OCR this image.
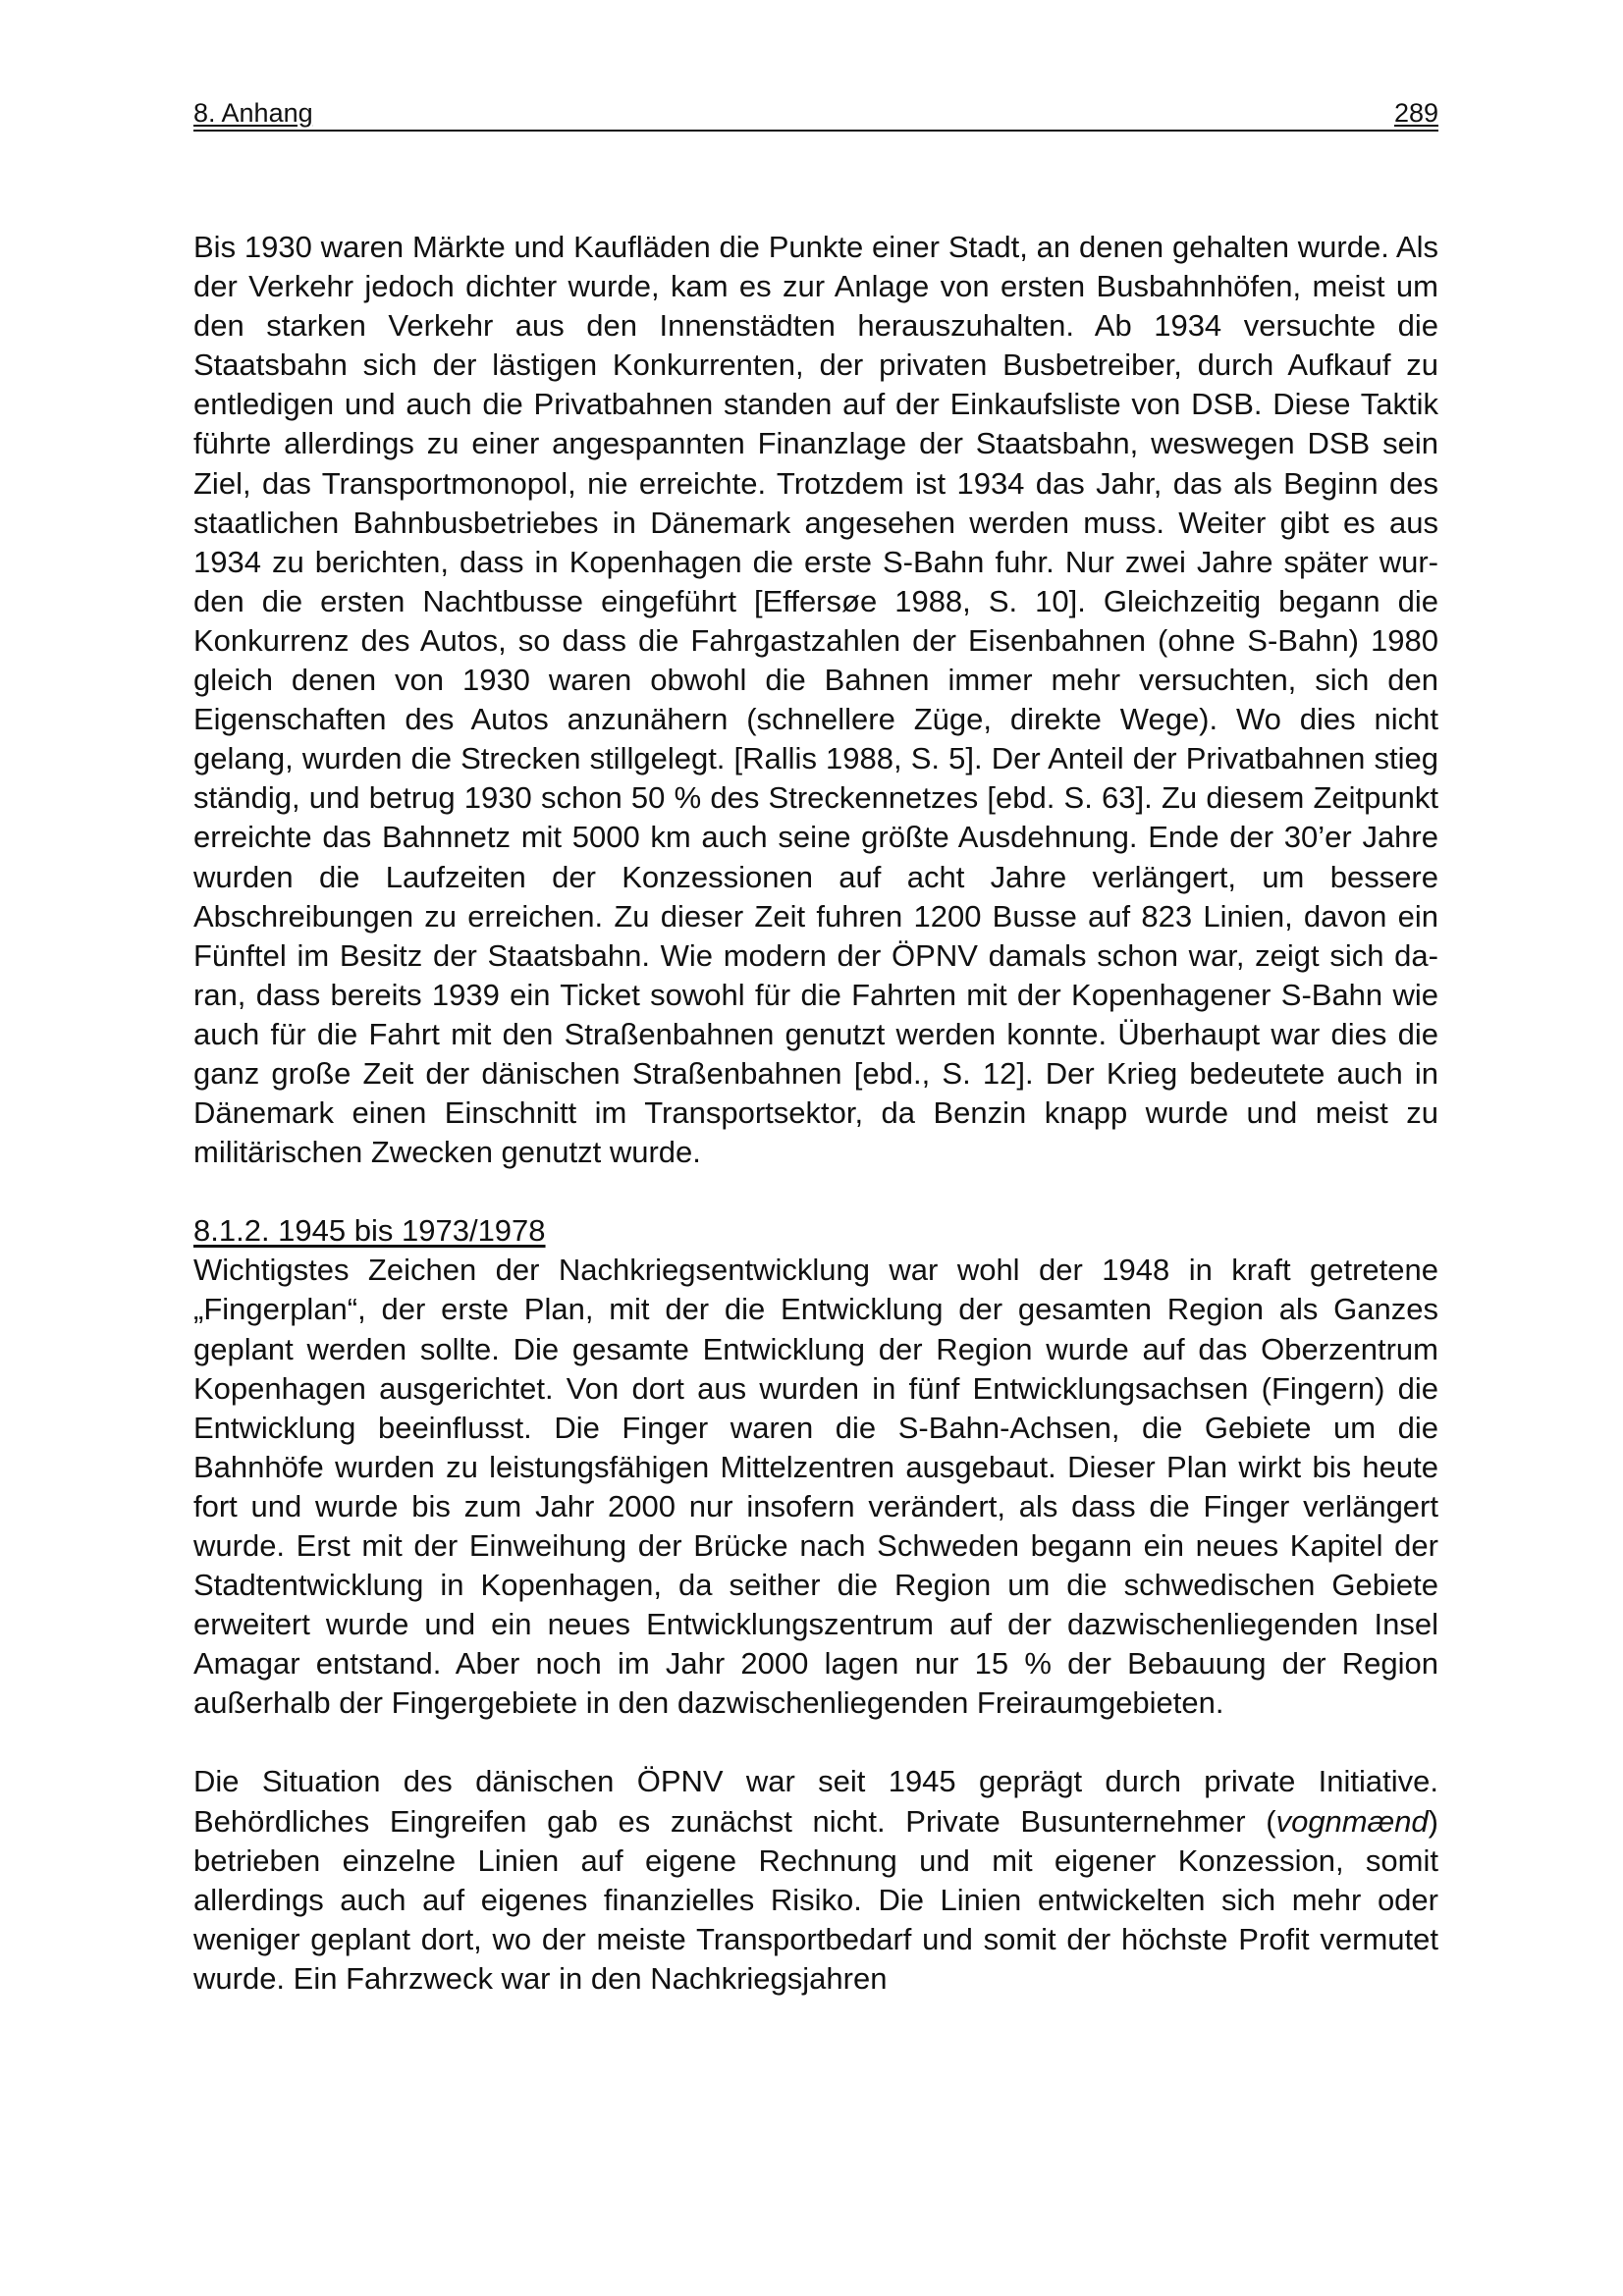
8. Anhang	289

Bis 1930 waren Märkte und Kaufläden die Punkte einer Stadt, an denen gehalten wurde. Als der Verkehr jedoch dichter wurde, kam es zur Anlage von ersten Busbahnhöfen, meist um den starken Verkehr aus den Innenstädten herauszuhalten. Ab 1934 versuchte die Staatsbahn sich der lästigen Konkurrenten, der privaten Busbetreiber, durch Aufkauf zu entledigen und auch die Privatbahnen standen auf der Einkaufsliste von DSB. Diese Taktik führte allerdings zu einer angespannten Finanzlage der Staatsbahn, weswegen DSB sein Ziel, das Transportmonopol, nie erreichte. Trotzdem ist 1934 das Jahr, das als Beginn des staatlichen Bahnbusbetriebes in Dänemark angesehen werden muss. Weiter gibt es aus 1934 zu berichten, dass in Kopenhagen die erste S-Bahn fuhr. Nur zwei Jahre später wurden die ersten Nachtbusse eingeführt [Effersøe 1988, S. 10]. Gleichzeitig begann die Konkurrenz des Autos, so dass die Fahrgastzahlen der Eisenbahnen (ohne S-Bahn) 1980 gleich denen von 1930 waren obwohl die Bahnen immer mehr versuchten, sich den Eigenschaften des Autos anzunähern (schnellere Züge, direkte Wege). Wo dies nicht gelang, wurden die Strecken stillgelegt. [Rallis 1988, S. 5]. Der Anteil der Privatbahnen stieg ständig, und betrug 1930 schon 50 % des Streckennetzes [ebd. S. 63]. Zu diesem Zeitpunkt erreichte das Bahnnetz mit 5000 km auch seine größte Ausdehnung. Ende der 30’er Jahre wurden die Laufzeiten der Konzessionen auf acht Jahre verlängert, um bessere Abschreibungen zu erreichen. Zu dieser Zeit fuhren 1200 Busse auf 823 Linien, davon ein Fünftel im Besitz der Staatsbahn. Wie modern der ÖPNV damals schon war, zeigt sich daran, dass bereits 1939 ein Ticket sowohl für die Fahrten mit der Kopenhagener S-Bahn wie auch für die Fahrt mit den Straßenbahnen genutzt werden konnte. Überhaupt war dies die ganz große Zeit der dänischen Straßenbahnen [ebd., S. 12]. Der Krieg bedeutete auch in Dänemark einen Einschnitt im Transportsektor, da Benzin knapp wurde und meist zu militärischen Zwecken genutzt wurde.

8.1.2. 1945 bis 1973/1978

Wichtigstes Zeichen der Nachkriegsentwicklung war wohl der 1948 in kraft getretene „Fingerplan“, der erste Plan, mit der die Entwicklung der gesamten Region als Ganzes geplant werden sollte. Die gesamte Entwicklung der Region wurde auf das Oberzentrum Kopenhagen ausgerichtet. Von dort aus wurden in fünf Entwicklungsachsen (Fingern) die Entwicklung beeinflusst. Die Finger waren die S-Bahn-Achsen, die Gebiete um die Bahnhöfe wurden zu leistungsfähigen Mittelzentren ausgebaut. Dieser Plan wirkt bis heute fort und wurde bis zum Jahr 2000 nur insofern verändert, als dass die Finger verlängert wurde. Erst mit der Einweihung der Brücke nach Schweden begann ein neues Kapitel der Stadtentwicklung in Kopenhagen, da seither die Region um die schwedischen Gebiete erweitert wurde und ein neues Entwicklungszentrum auf der dazwischenliegenden Insel Amagar entstand. Aber noch im Jahr 2000 lagen nur 15 % der Bebauung der Region außerhalb der Fingergebiete in den dazwischenliegenden Freiraumgebieten.

Die Situation des dänischen ÖPNV war seit 1945 geprägt durch private Initiative. Behördliches Eingreifen gab es zunächst nicht. Private Busunternehmer (vognmænd) betrieben einzelne Linien auf eigene Rechnung und mit eigener Konzession, somit allerdings auch auf eigenes finanzielles Risiko. Die Linien entwickelten sich mehr oder weniger geplant dort, wo der meiste Transportbedarf und somit der höchste Profit vermutet wurde. Ein Fahrzweck war in den Nachkriegsjahren
